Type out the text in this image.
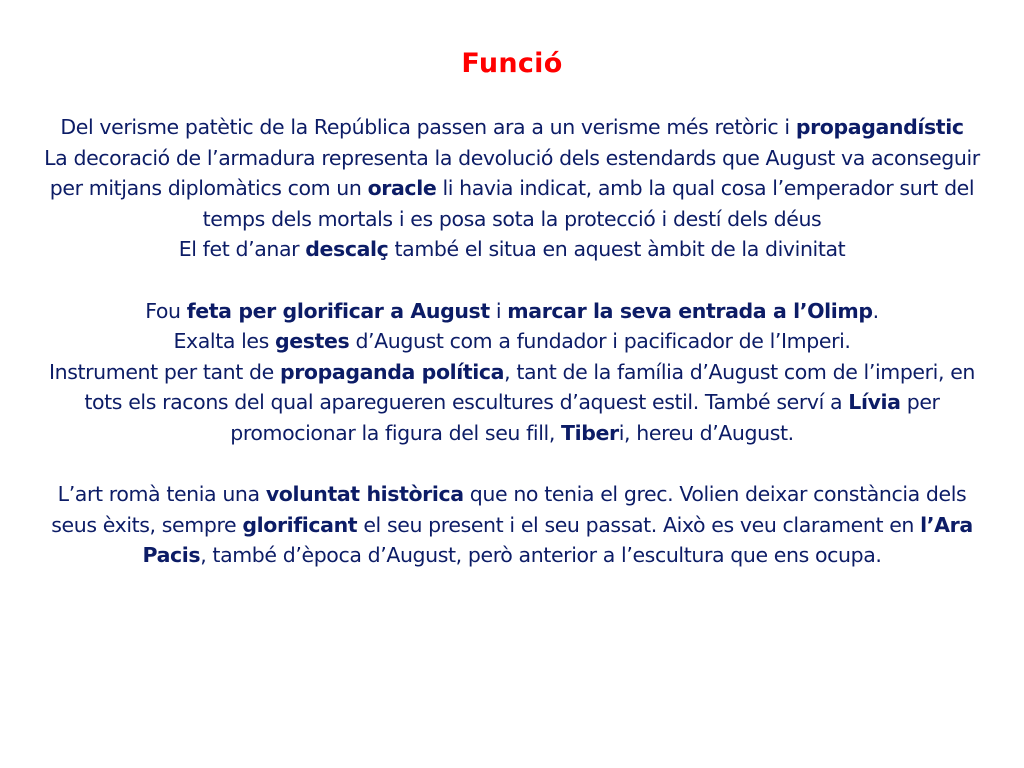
Funció

Del verisme patètic de la República passen ara a un verisme més retòric i propagandístic

La decoració de l’armadura representa la devolució dels estendards que August va aconseguir per mitjans diplomàtics com un oracle li havia indicat, amb la qual cosa l’emperador surt del temps dels mortals i es posa sota la protecció i destí dels déus

El fet d’anar descalç també el situa en aquest àmbit de la divinitat

Fou feta per glorificar a August i marcar la seva entrada a l’Olimp.

Exalta les gestes d’August com a fundador i pacificador de l’Imperi.

Instrument per tant de propaganda política, tant de la família d’August com de l’imperi, en tots els racons del qual aparegueren escultures d’aquest estil. També serví a Lívia per promocionar la figura del seu fill, Tiberi, hereu d’August.

L’art romà tenia una voluntat històrica que no tenia el grec. Volien deixar constància dels seus èxits, sempre glorificant el seu present i el seu passat. Això es veu clarament en l’Ara Pacis, també d’època d’August, però anterior a l’escultura que ens ocupa.
